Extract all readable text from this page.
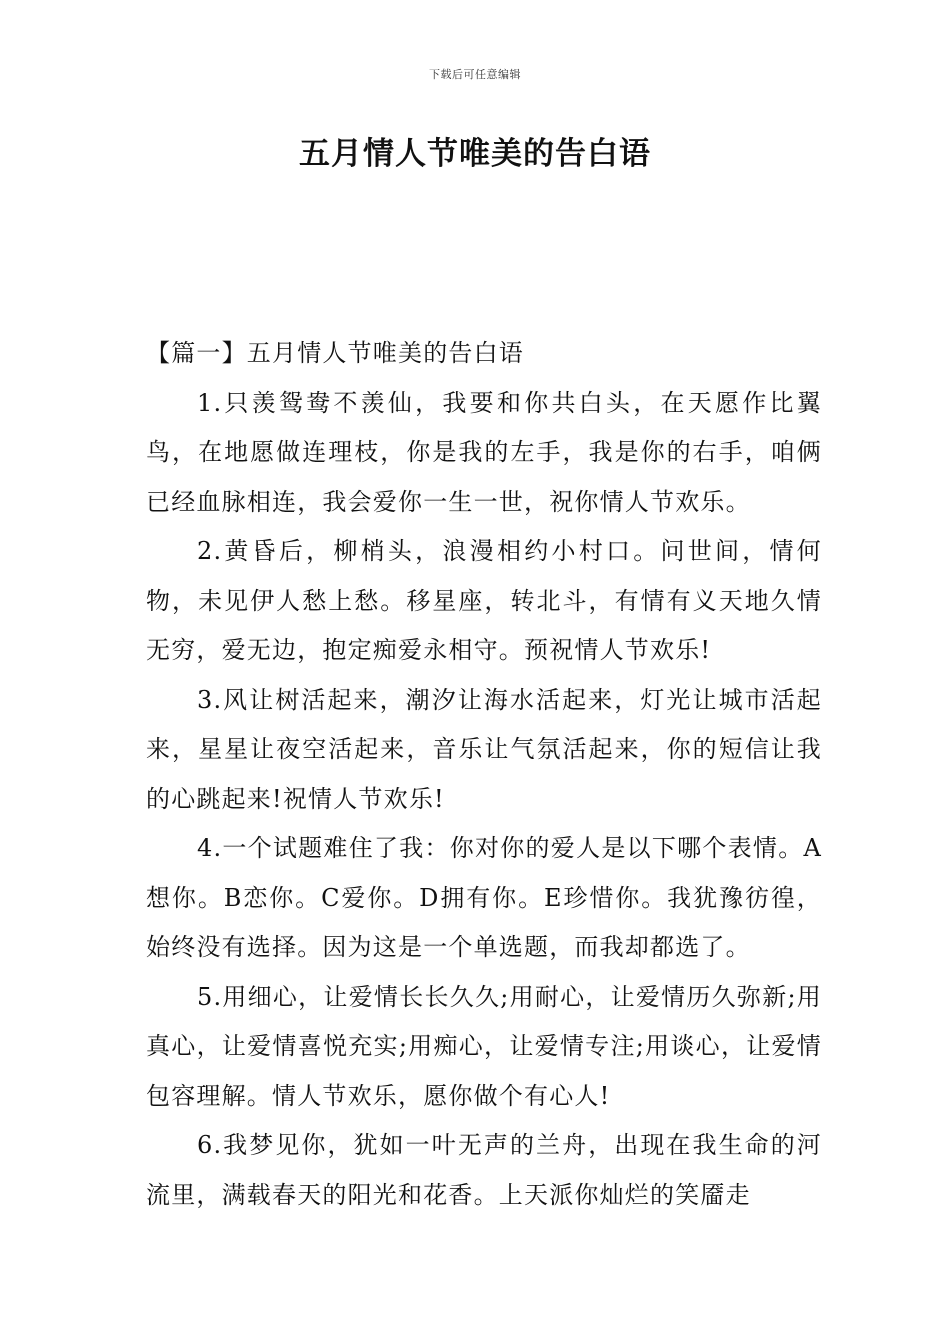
下载后可任意编辑
五月情人节唯美的告白语

【篇一】五月情人节唯美的告白语

1.只羡鸳鸯不羡仙，我要和你共白头，在天愿作比翼鸟，在地愿做连理枝，你是我的左手，我是你的右手，咱俩已经血脉相连，我会爱你一生一世，祝你情人节欢乐。

2.黄昏后，柳梢头，浪漫相约小村口。问世间，情何物，未见伊人愁上愁。移星座，转北斗，有情有义天地久情无穷，爱无边，抱定痴爱永相守。预祝情人节欢乐!

3.风让树活起来，潮汐让海水活起来，灯光让城市活起来，星星让夜空活起来，音乐让气氛活起来，你的短信让我的心跳起来!祝情人节欢乐!

4.一个试题难住了我：你对你的爱人是以下哪个表情。A想你。B恋你。C爱你。D拥有你。E珍惜你。我犹豫彷徨，始终没有选择。因为这是一个单选题，而我却都选了。

5.用细心，让爱情长长久久;用耐心，让爱情历久弥新;用真心，让爱情喜悦充实;用痴心，让爱情专注;用谈心，让爱情包容理解。情人节欢乐，愿你做个有心人!

6.我梦见你，犹如一叶无声的兰舟，出现在我生命的河流里，满载春天的阳光和花香。上天派你灿烂的笑靥走
